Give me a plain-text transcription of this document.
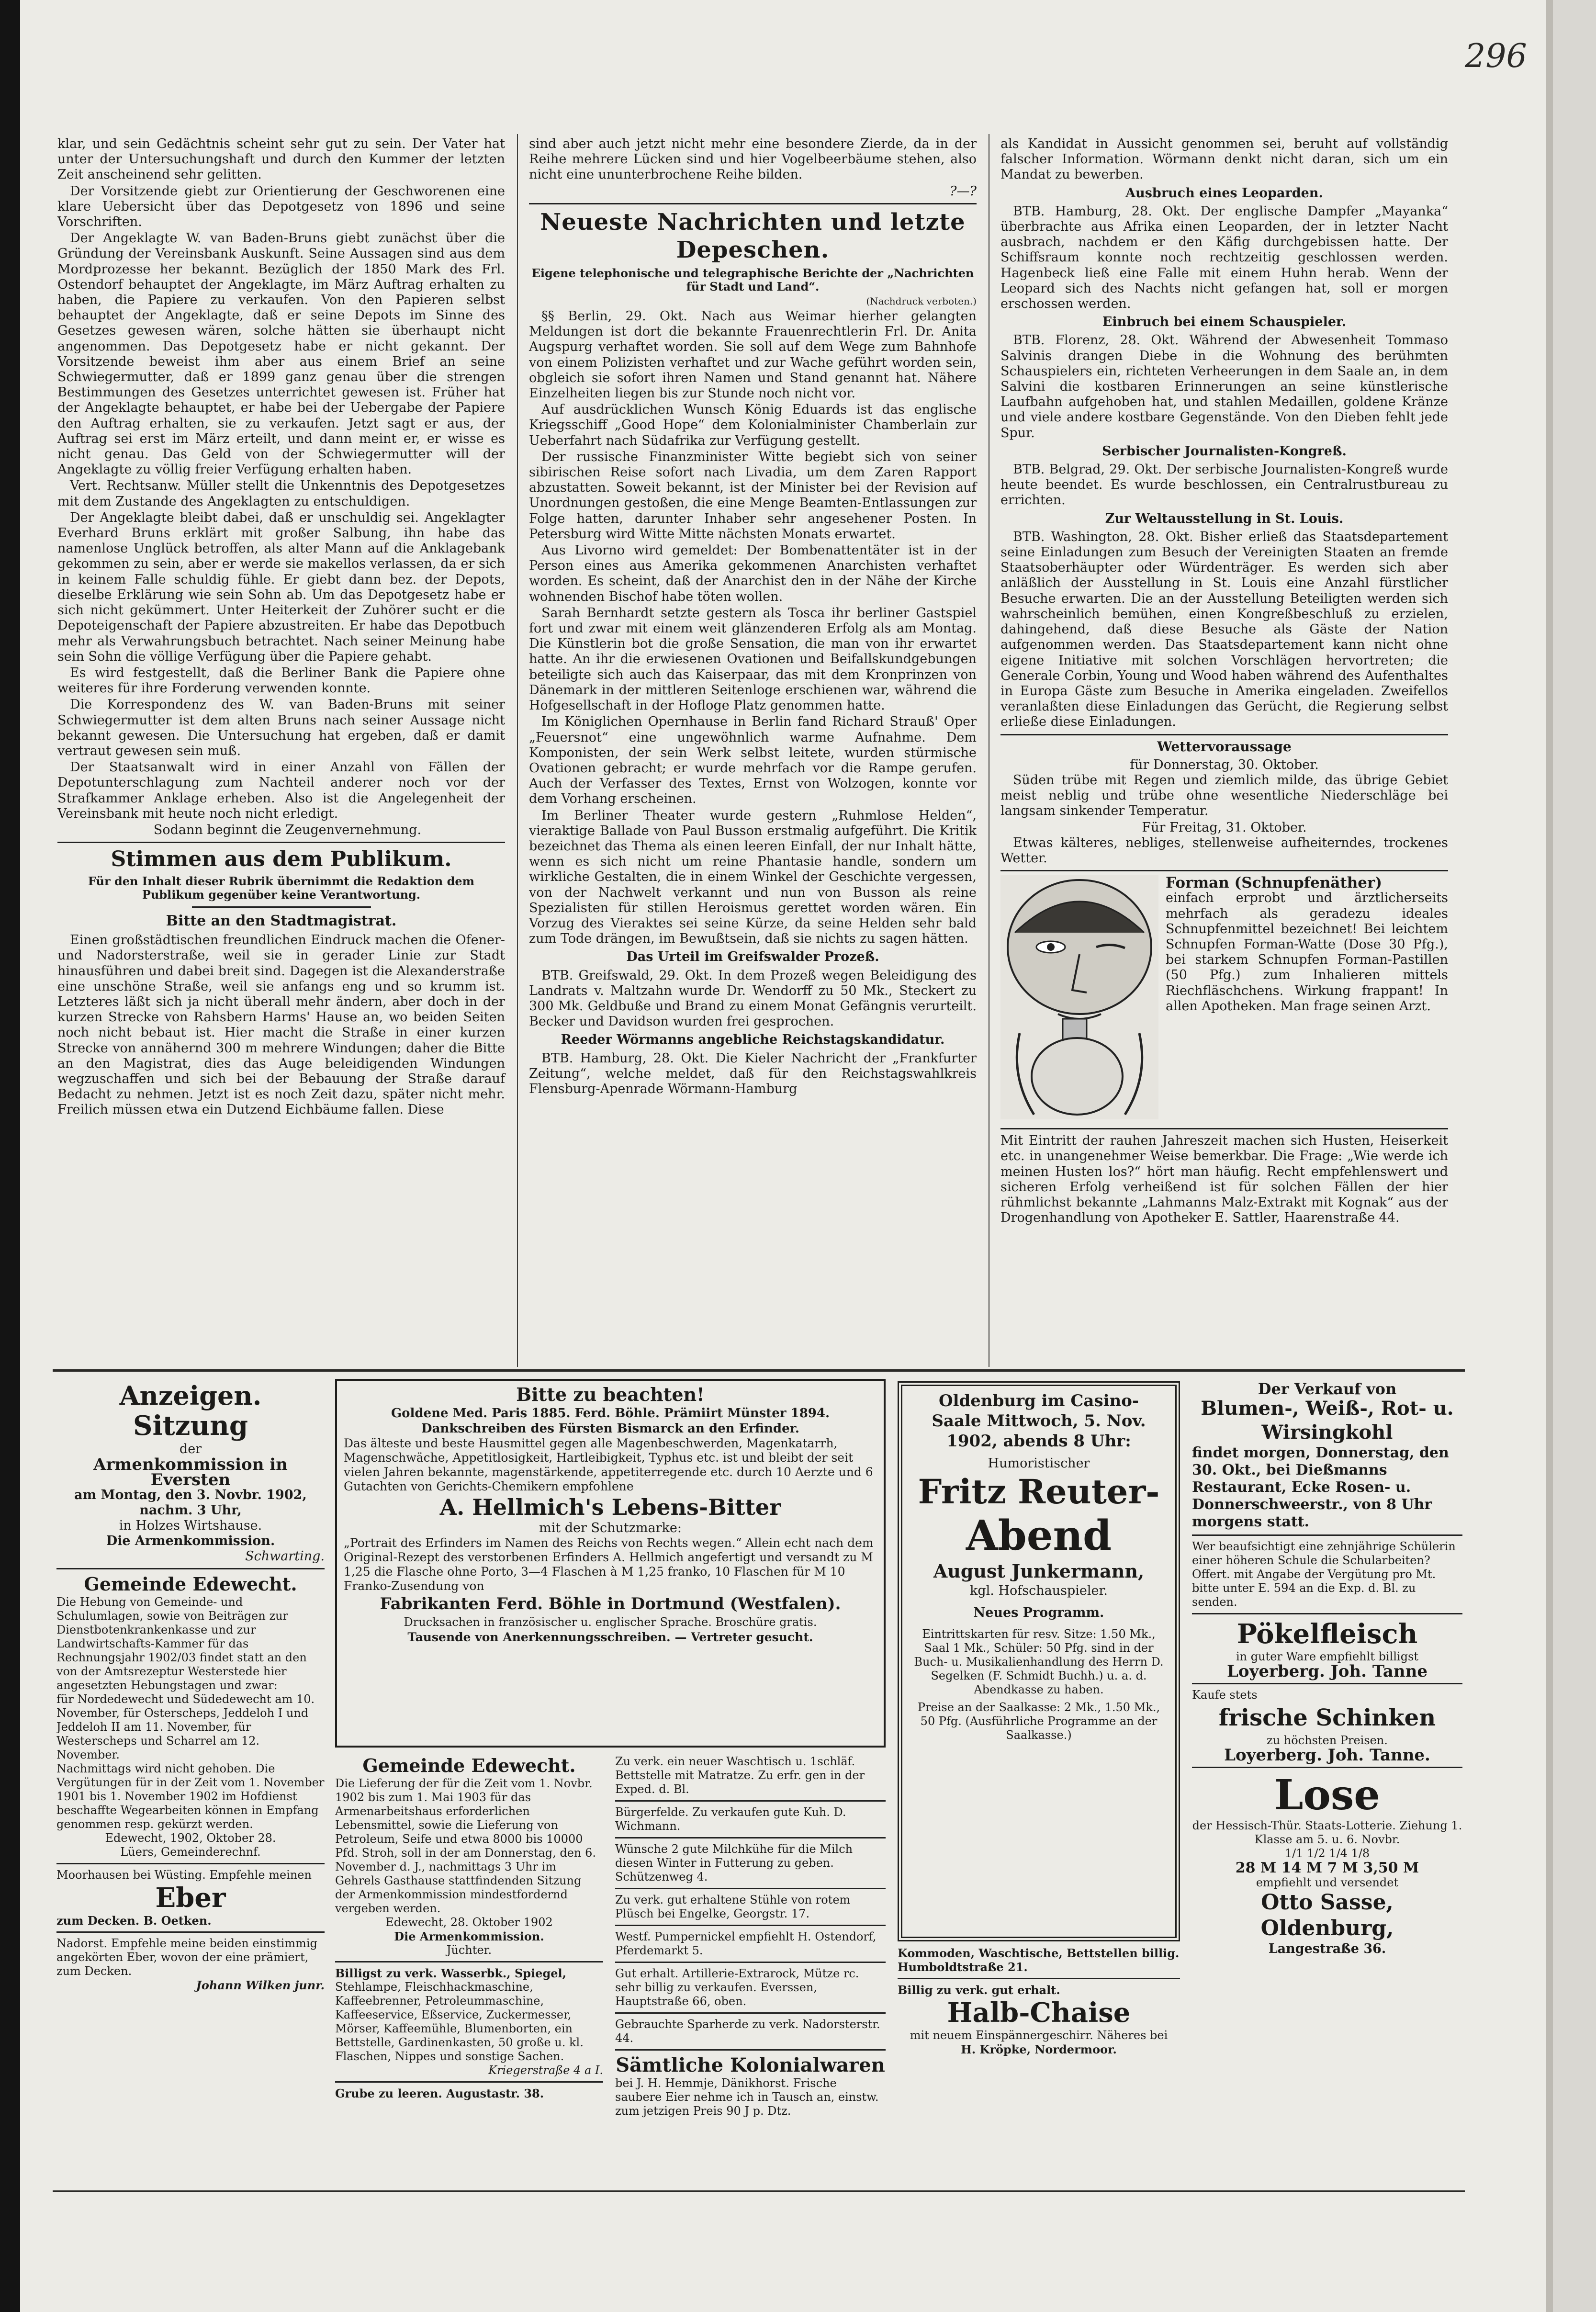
296

klar, und sein Gedächtnis scheint sehr gut zu sein. Der Vater hat unter der Untersuchungshaft und durch den Kummer der letzten Zeit anscheinend sehr gelitten.

Der Vorsitzende giebt zur Orientierung der Geschworenen eine klare Uebersicht über das Depotgesetz von 1896 und seine Vorschriften.

Der Angeklagte W. van Baden-Bruns giebt zunächst über die Gründung der Vereinsbank Auskunft. Seine Aussagen sind aus dem Mordprozesse her bekannt. Bezüglich der 1850 Mark des Frl. Ostendorf behauptet der Angeklagte, im März Auftrag erhalten zu haben, die Papiere zu verkaufen. Von den Papieren selbst behauptet der Angeklagte, daß er seine Depots im Sinne des Gesetzes gewesen wären, solche hätten sie überhaupt nicht angenommen. Das Depotgesetz habe er nicht gekannt. Der Vorsitzende beweist ihm aber aus einem Brief an seine Schwiegermutter, daß er 1899 ganz genau über die strengen Bestimmungen des Gesetzes unterrichtet gewesen ist. Früher hat der Angeklagte behauptet, er habe bei der Uebergabe der Papiere den Auftrag erhalten, sie zu verkaufen. Jetzt sagt er aus, der Auftrag sei erst im März erteilt, und dann meint er, er wisse es nicht genau. Das Geld von der Schwiegermutter will der Angeklagte zu völlig freier Verfügung erhalten haben.

Vert. Rechtsanw. Müller stellt die Unkenntnis des Depotgesetzes mit dem Zustande des Angeklagten zu entschuldigen.

Der Angeklagte bleibt dabei, daß er unschuldig sei. Angeklagter Everhard Bruns erklärt mit großer Salbung, ihn habe das namenlose Unglück betroffen, als alter Mann auf die Anklagebank gekommen zu sein, aber er werde sie makellos verlassen, da er sich in keinem Falle schuldig fühle. Er giebt dann bez. der Depots, dieselbe Erklärung wie sein Sohn ab. Um das Depotgesetz habe er sich nicht gekümmert. Unter Heiterkeit der Zuhörer sucht er die Depoteigenschaft der Papiere abzustreiten. Er habe das Depotbuch mehr als Verwahrungsbuch betrachtet. Nach seiner Meinung habe sein Sohn die völlige Verfügung über die Papiere gehabt.

Es wird festgestellt, daß die Berliner Bank die Papiere ohne weiteres für ihre Forderung verwenden konnte.

Die Korrespondenz des W. van Baden-Bruns mit seiner Schwiegermutter ist dem alten Bruns nach seiner Aussage nicht bekannt gewesen. Die Untersuchung hat ergeben, daß er damit vertraut gewesen sein muß.

Der Staatsanwalt wird in einer Anzahl von Fällen der Depotunterschlagung zum Nachteil anderer noch vor der Strafkammer Anklage erheben. Also ist die Angelegenheit der Vereinsbank mit heute noch nicht erledigt.

Sodann beginnt die Zeugenvernehmung.

Stimmen aus dem Publikum.
Für den Inhalt dieser Rubrik übernimmt die Redaktion dem Publikum gegenüber keine Verantwortung.
Bitte an den Stadtmagistrat.

Einen großstädtischen freundlichen Eindruck machen die Ofener- und Nadorsterstraße, weil sie in gerader Linie zur Stadt hinausführen und dabei breit sind. Dagegen ist die Alexanderstraße eine unschöne Straße, weil sie anfangs eng und so krumm ist. Letzteres läßt sich ja nicht überall mehr ändern, aber doch in der kurzen Strecke von Rahsbern Harms' Hause an, wo beiden Seiten noch nicht bebaut ist. Hier macht die Straße in einer kurzen Strecke von annähernd 300 m mehrere Windungen; daher die Bitte an den Magistrat, dies das Auge beleidigenden Windungen wegzuschaffen und sich bei der Bebauung der Straße darauf Bedacht zu nehmen. Jetzt ist es noch Zeit dazu, später nicht mehr. Freilich müssen etwa ein Dutzend Eichbäume fallen. Diese

sind aber auch jetzt nicht mehr eine besondere Zierde, da in der Reihe mehrere Lücken sind und hier Vogelbeerbäume stehen, also nicht eine ununterbrochene Reihe bilden.

?—?
Neueste Nachrichten und letzte Depeschen.
Eigene telephonische und telegraphische Berichte der „Nachrichten für Stadt und Land“.
(Nachdruck verboten.)

§§ Berlin, 29. Okt. Nach aus Weimar hierher gelangten Meldungen ist dort die bekannte Frauenrechtlerin Frl. Dr. Anita Augspurg verhaftet worden. Sie soll auf dem Wege zum Bahnhofe von einem Polizisten verhaftet und zur Wache geführt worden sein, obgleich sie sofort ihren Namen und Stand genannt hat. Nähere Einzelheiten liegen bis zur Stunde noch nicht vor.

Auf ausdrücklichen Wunsch König Eduards ist das englische Kriegsschiff „Good Hope“ dem Kolonialminister Chamberlain zur Ueberfahrt nach Südafrika zur Verfügung gestellt.

Der russische Finanzminister Witte begiebt sich von seiner sibirischen Reise sofort nach Livadia, um dem Zaren Rapport abzustatten. Soweit bekannt, ist der Minister bei der Revision auf Unordnungen gestoßen, die eine Menge Beamten-Entlassungen zur Folge hatten, darunter Inhaber sehr angesehener Posten. In Petersburg wird Witte Mitte nächsten Monats erwartet.

Aus Livorno wird gemeldet: Der Bombenattentäter ist in der Person eines aus Amerika gekommenen Anarchisten verhaftet worden. Es scheint, daß der Anarchist den in der Nähe der Kirche wohnenden Bischof habe töten wollen.

Sarah Bernhardt setzte gestern als Tosca ihr berliner Gastspiel fort und zwar mit einem weit glänzenderen Erfolg als am Montag. Die Künstlerin bot die große Sensation, die man von ihr erwartet hatte. An ihr die erwiesenen Ovationen und Beifallskundgebungen beteiligte sich auch das Kaiserpaar, das mit dem Kronprinzen von Dänemark in der mittleren Seitenloge erschienen war, während die Hofgesellschaft in der Hofloge Platz genommen hatte.

Im Königlichen Opernhause in Berlin fand Richard Strauß' Oper „Feuersnot“ eine ungewöhnlich warme Aufnahme. Dem Komponisten, der sein Werk selbst leitete, wurden stürmische Ovationen gebracht; er wurde mehrfach vor die Rampe gerufen. Auch der Verfasser des Textes, Ernst von Wolzogen, konnte vor dem Vorhang erscheinen.

Im Berliner Theater wurde gestern „Ruhmlose Helden“, vieraktige Ballade von Paul Busson erstmalig aufgeführt. Die Kritik bezeichnet das Thema als einen leeren Einfall, der nur Inhalt hätte, wenn es sich nicht um reine Phantasie handle, sondern um wirkliche Gestalten, die in einem Winkel der Geschichte vergessen, von der Nachwelt verkannt und nun von Busson als reine Spezialisten für stillen Heroismus gerettet worden wären. Ein Vorzug des Vieraktes sei seine Kürze, da seine Helden sehr bald zum Tode drängen, im Bewußtsein, daß sie nichts zu sagen hätten.

Das Urteil im Greifswalder Prozeß.

BTB. Greifswald, 29. Okt. In dem Prozeß wegen Beleidigung des Landrats v. Maltzahn wurde Dr. Wendorff zu 50 Mk., Steckert zu 300 Mk. Geldbuße und Brand zu einem Monat Gefängnis verurteilt. Becker und Davidson wurden frei gesprochen.

Reeder Wörmanns angebliche Reichstagskandidatur.

BTB. Hamburg, 28. Okt. Die Kieler Nachricht der „Frankfurter Zeitung“, welche meldet, daß für den Reichstagswahlkreis Flensburg-Apenrade Wörmann-Hamburg

als Kandidat in Aussicht genommen sei, beruht auf vollständig falscher Information. Wörmann denkt nicht daran, sich um ein Mandat zu bewerben.

Ausbruch eines Leoparden.

BTB. Hamburg, 28. Okt. Der englische Dampfer „Mayanka“ überbrachte aus Afrika einen Leoparden, der in letzter Nacht ausbrach, nachdem er den Käfig durchgebissen hatte. Der Schiffsraum konnte noch rechtzeitig geschlossen werden. Hagenbeck ließ eine Falle mit einem Huhn herab. Wenn der Leopard sich des Nachts nicht gefangen hat, soll er morgen erschossen werden.

Einbruch bei einem Schauspieler.

BTB. Florenz, 28. Okt. Während der Abwesenheit Tommaso Salvinis drangen Diebe in die Wohnung des berühmten Schauspielers ein, richteten Verheerungen in dem Saale an, in dem Salvini die kostbaren Erinnerungen an seine künstlerische Laufbahn aufgehoben hat, und stahlen Medaillen, goldene Kränze und viele andere kostbare Gegenstände. Von den Dieben fehlt jede Spur.

Serbischer Journalisten-Kongreß.

BTB. Belgrad, 29. Okt. Der serbische Journalisten-Kongreß wurde heute beendet. Es wurde beschlossen, ein Centralrustbureau zu errichten.

Zur Weltausstellung in St. Louis.

BTB. Washington, 28. Okt. Bisher erließ das Staatsdepartement seine Einladungen zum Besuch der Vereinigten Staaten an fremde Staatsoberhäupter oder Würdenträger. Es werden sich aber anläßlich der Ausstellung in St. Louis eine Anzahl fürstlicher Besuche erwarten. Die an der Ausstellung Beteiligten werden sich wahrscheinlich bemühen, einen Kongreßbeschluß zu erzielen, dahingehend, daß diese Besuche als Gäste der Nation aufgenommen werden. Das Staatsdepartement kann nicht ohne eigene Initiative mit solchen Vorschlägen hervortreten; die Generale Corbin, Young und Wood haben während des Aufenthaltes in Europa Gäste zum Besuche in Amerika eingeladen. Zweifellos veranlaßten diese Einladungen das Gerücht, die Regierung selbst erließe diese Einladungen.

Wettervoraussage
für Donnerstag, 30. Oktober.

Süden trübe mit Regen und ziemlich milde, das übrige Gebiet meist neblig und trübe ohne wesentliche Niederschläge bei langsam sinkender Temperatur.

Für Freitag, 31. Oktober.

Etwas kälteres, nebliges, stellenweise aufheiterndes, trockenes Wetter.

Forman (Schnupfenäther)
einfach erprobt und ärztlicherseits mehrfach als geradezu ideales Schnupfenmittel bezeichnet! Bei leichtem Schnupfen Forman-Watte (Dose 30 Pfg.), bei starkem Schnupfen Forman-Pastillen (50 Pfg.) zum Inhalieren mittels Riechfläschchens. Wirkung frappant! In allen Apotheken. Man frage seinen Arzt.

Mit Eintritt der rauhen Jahreszeit machen sich Husten, Heiserkeit etc. in unangenehmer Weise bemerkbar. Die Frage: „Wie werde ich meinen Husten los?“ hört man häufig. Recht empfehlenswert und sicheren Erfolg verheißend ist für solchen Fällen der hier rühmlichst bekannte „Lahmanns Malz-Extrakt mit Kognak“ aus der Drogenhandlung von Apotheker E. Sattler, Haarenstraße 44.

Anzeigen.
Sitzung
der
Armenkommission in Eversten
am Montag, den 3. Novbr. 1902,
nachm. 3 Uhr,
in Holzes Wirtshause.
Die Armenkommission.
Schwarting.
Gemeinde Edewecht.
Die Hebung von Gemeinde- und Schulumlagen, sowie von Beiträgen zur Dienstbotenkrankenkasse und zur Landwirtschafts-Kammer für das Rechnungsjahr 1902/03 findet statt an den von der Amtsrezeptur Westerstede hier angesetzten Hebungstagen und zwar:
für Nordedewecht und Südedewecht am 10. November, für Osterscheps, Jeddeloh I und Jeddeloh II am 11. November, für Westerscheps und Scharrel am 12. November.
Nachmittags wird nicht gehoben. Die Vergütungen für in der Zeit vom 1. November 1901 bis 1. November 1902 im Hofdienst beschaffte Wegearbeiten können in Empfang genommen resp. gekürzt werden.
Edewecht, 1902, Oktober 28.
Lüers, Gemeinderechnf.
Moorhausen bei Wüsting. Empfehle meinen
Eber
zum Decken. B. Oetken.
Nadorst. Empfehle meine beiden einstimmig angekörten Eber, wovon der eine prämiert, zum Decken.
Johann Wilken junr.
Bitte zu beachten!
Goldene Med. Paris 1885. Ferd. Böhle. Prämiirt Münster 1894.
Dankschreiben des Fürsten Bismarck an den Erfinder.
Das älteste und beste Hausmittel gegen alle Magenbeschwerden, Magenkatarrh, Magenschwäche, Appetitlosigkeit, Hartleibigkeit, Typhus etc. ist und bleibt der seit vielen Jahren bekannte, magenstärkende, appetiterregende etc. durch 10 Aerzte und 6 Gutachten von Gerichts-Chemikern empfohlene
A. Hellmich's Lebens-Bitter
mit der Schutzmarke:
„Portrait des Erfinders im Namen des Reichs von Rechts wegen.“ Allein echt nach dem Original-Rezept des verstorbenen Erfinders A. Hellmich angefertigt und versandt zu M 1,25 die Flasche ohne Porto, 3—4 Flaschen à M 1,25 franko, 10 Flaschen für M 10 Franko-Zusendung von
Fabrikanten Ferd. Böhle in Dortmund (Westfalen).
Drucksachen in französischer u. englischer Sprache. Broschüre gratis.
Tausende von Anerkennungsschreiben. — Vertreter gesucht.
Gemeinde Edewecht.
Die Lieferung der für die Zeit vom 1. Novbr. 1902 bis zum 1. Mai 1903 für das Armenarbeitshaus erforderlichen Lebensmittel, sowie die Lieferung von Petroleum, Seife und etwa 8000 bis 10000 Pfd. Stroh, soll in der am Donnerstag, den 6. November d. J., nachmittags 3 Uhr im Gehrels Gasthause stattfindenden Sitzung der Armenkommission mindestfordernd vergeben werden.
Edewecht, 28. Oktober 1902
Die Armenkommission.
Jüchter.
Billigst zu verk. Wasserbk., Spiegel,
Stehlampe, Fleischhackmaschine, Kaffeebrenner, Petroleummaschine, Kaffeeservice, Eßservice, Zuckermesser, Mörser, Kaffeemühle, Blumenborten, ein Bettstelle, Gardinenkasten, 50 große u. kl. Flaschen, Nippes und sonstige Sachen.
Kriegerstraße 4 a I.
Grube zu leeren. Augustastr. 38.
Zu verk. ein neuer Waschtisch u. 1schläf. Bettstelle mit Matratze. Zu erfr. gen in der Exped. d. Bl.
Bürgerfelde. Zu verkaufen gute Kuh. D. Wichmann.
Wünsche 2 gute Milchkühe für die Milch diesen Winter in Futterung zu geben. Schützenweg 4.
Zu verk. gut erhaltene Stühle von rotem Plüsch bei Engelke, Georgstr. 17.
Westf. Pumpernickel empfiehlt H. Ostendorf, Pferdemarkt 5.
Gut erhalt. Artillerie-Extrarock, Mütze rc. sehr billig zu verkaufen. Everssen, Hauptstraße 66, oben.
Gebrauchte Sparherde zu verk. Nadorsterstr. 44.
Sämtliche Kolonialwaren
bei J. H. Hemmje, Dänikhorst. Frische saubere Eier nehme ich in Tausch an, einstw. zum jetzigen Preis 90 J p. Dtz.
Oldenburg im Casino-
Saale Mittwoch, 5. Nov.
1902, abends 8 Uhr:
Humoristischer
Fritz Reuter-
Abend
August Junkermann,
kgl. Hofschauspieler.
Neues Programm.
Eintrittskarten für resv. Sitze: 1.50 Mk., Saal 1 Mk., Schüler: 50 Pfg. sind in der Buch- u. Musikalienhandlung des Herrn D. Segelken (F. Schmidt Buchh.) u. a. d. Abendkasse zu haben.
Preise an der Saalkasse: 2 Mk., 1.50 Mk., 50 Pfg. (Ausführliche Programme an der Saalkasse.)
Kommoden, Waschtische, Bettstellen billig. Humboldtstraße 21.
Billig zu verk. gut erhalt.
Halb-Chaise
mit neuem Einspännergeschirr. Näheres bei
H. Kröpke, Nordermoor.
Der Verkauf von
Blumen-, Weiß-, Rot- u. Wirsingkohl
findet morgen, Donnerstag, den 30. Okt., bei Dießmanns Restaurant, Ecke Rosen- u. Donnerschweerstr., von 8 Uhr morgens statt.
Wer beaufsichtigt eine zehnjährige Schülerin einer höheren Schule die Schularbeiten? Offert. mit Angabe der Vergütung pro Mt. bitte unter E. 594 an die Exp. d. Bl. zu senden.
Pökelfleisch
in guter Ware empfiehlt billigst
Loyerberg. Joh. Tanne
Kaufe stets
frische Schinken
zu höchsten Preisen.
Loyerberg. Joh. Tanne.
Lose
der Hessisch-Thür. Staats-Lotterie. Ziehung 1. Klasse am 5. u. 6. Novbr.
1/1 1/2 1/4 1/8
28 M 14 M 7 M 3,50 M
empfiehlt und versendet
Otto Sasse, Oldenburg,
Langestraße 36.
